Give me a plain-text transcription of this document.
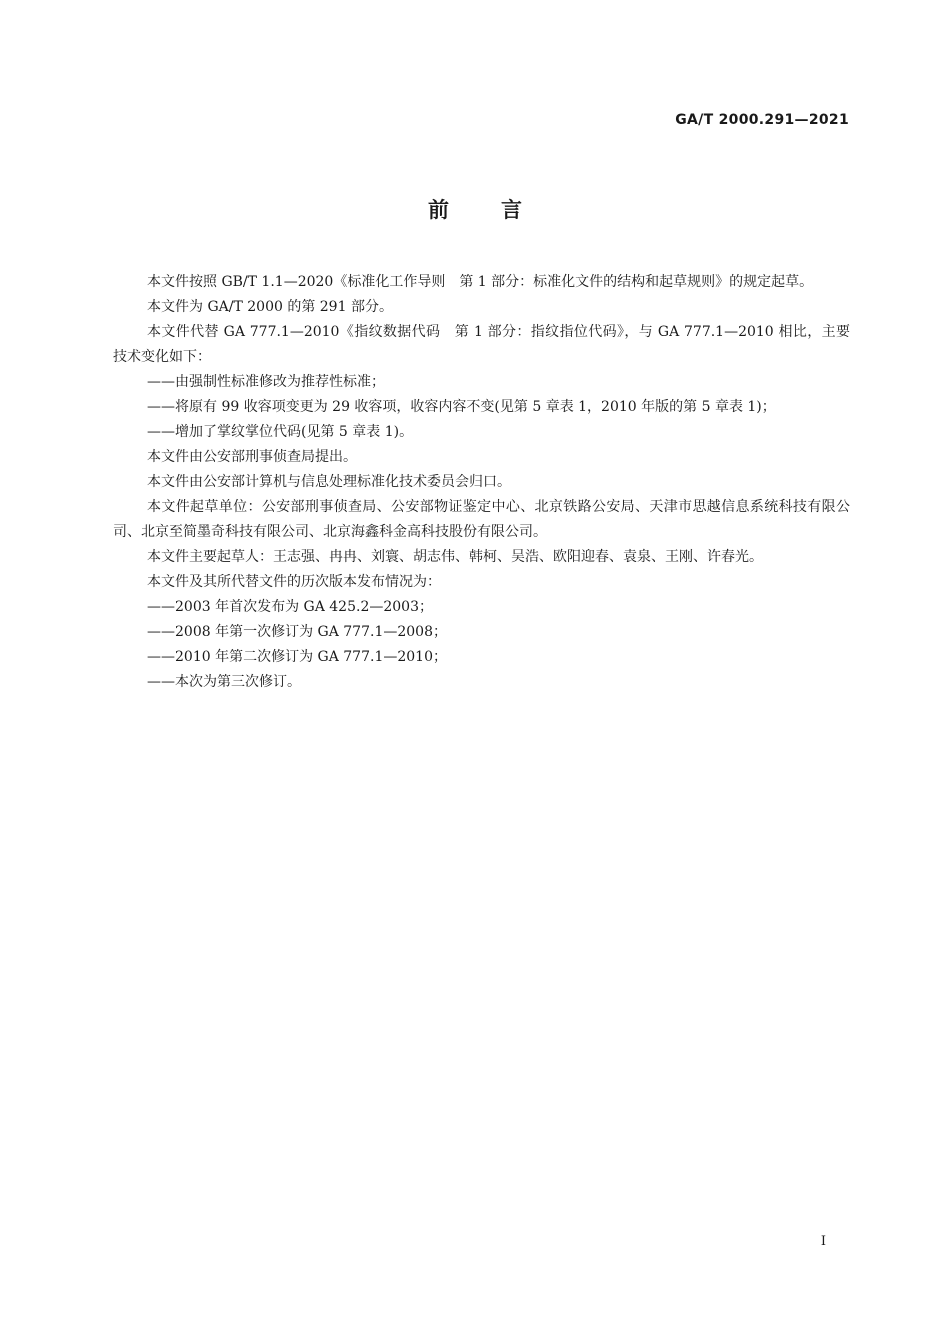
GA/T 2000.291—2021
前言

本文件按照 GB/T 1.1—2020《标准化工作导则　第 1 部分：标准化文件的结构和起草规则》的规定起草。

本文件为 GA/T 2000 的第 291 部分。

本文件代替 GA 777.1—2010《指纹数据代码　第 1 部分：指纹指位代码》，与 GA 777.1—2010 相比，主要技术变化如下：

——由强制性标准修改为推荐性标准；

——将原有 99 收容项变更为 29 收容项，收容内容不变(见第 5 章表 1，2010 年版的第 5 章表 1)；

——增加了掌纹掌位代码(见第 5 章表 1)。

本文件由公安部刑事侦查局提出。

本文件由公安部计算机与信息处理标准化技术委员会归口。

本文件起草单位：公安部刑事侦查局、公安部物证鉴定中心、北京铁路公安局、天津市思越信息系统科技有限公司、北京至简墨奇科技有限公司、北京海鑫科金高科技股份有限公司。

本文件主要起草人：王志强、冉冉、刘寰、胡志伟、韩柯、吴浩、欧阳迎春、袁泉、王刚、许春光。

本文件及其所代替文件的历次版本发布情况为：

——2003 年首次发布为 GA 425.2—2003；

——2008 年第一次修订为 GA 777.1—2008；

——2010 年第二次修订为 GA 777.1—2010；

——本次为第三次修订。

I
